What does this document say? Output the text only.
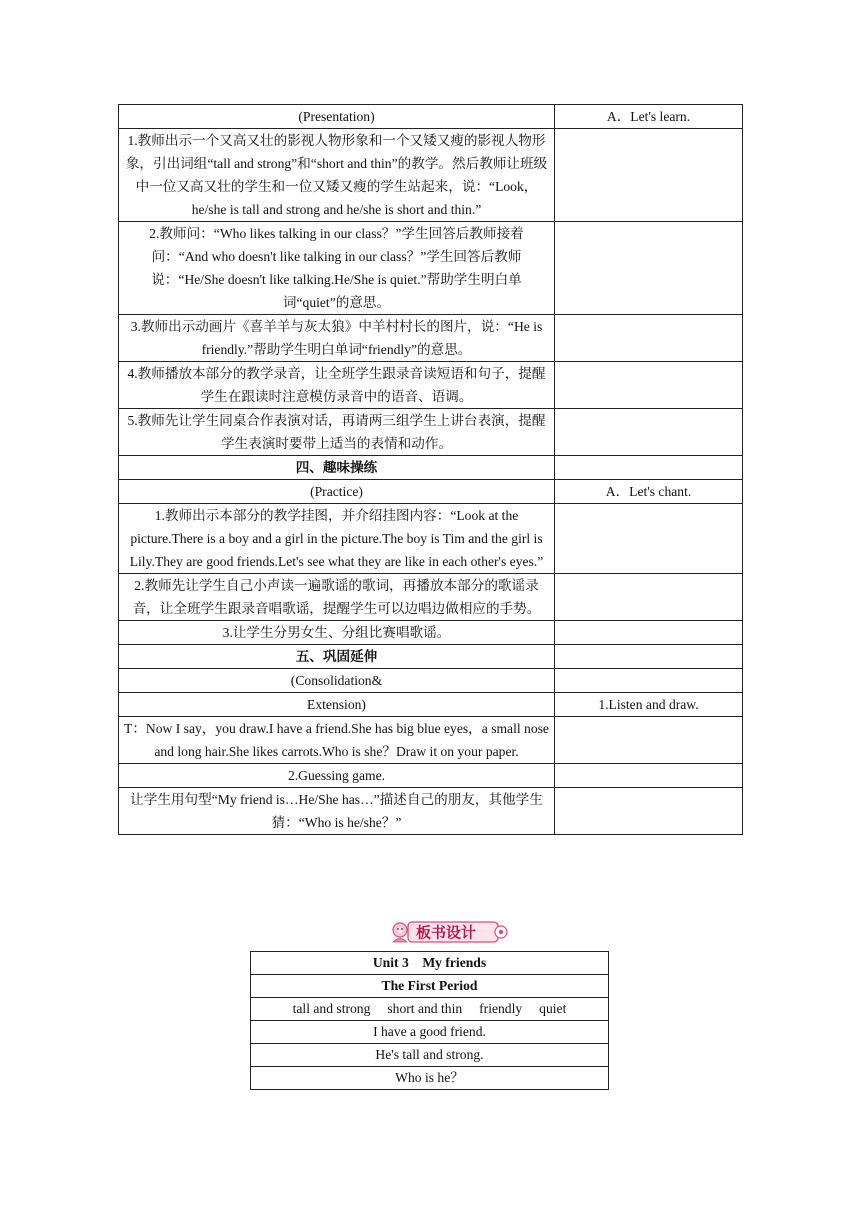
(Presentation)	A．Let's learn.
1.教师出示一个又高又壮的影视人物形象和一个又矮又瘦的影视人物形象，引出词组“tall and strong”和“short and thin”的教学。然后教师让班级中一位又高又壮的学生和一位又矮又瘦的学生站起来，说：“Look，he/she is tall and strong and he/she is short and thin.”	
2.教师问：“Who likes talking in our class？”学生回答后教师接着问：“And who doesn't like talking in our class？”学生回答后教师说：“He/She doesn't like talking.He/She is quiet.”帮助学生明白单词“quiet”的意思。	
3.教师出示动画片《喜羊羊与灰太狼》中羊村村长的图片，说：“He is friendly.”帮助学生明白单词“friendly”的意思。	
4.教师播放本部分的教学录音，让全班学生跟录音读短语和句子，提醒学生在跟读时注意模仿录音中的语音、语调。	
5.教师先让学生同桌合作表演对话，再请两三组学生上讲台表演，提醒学生表演时要带上适当的表情和动作。	
四、趣味操练	
(Practice)	A．Let's chant.
1.教师出示本部分的教学挂图，并介绍挂图内容：“Look at the picture.There is a boy and a girl in the picture.The boy is Tim and the girl is Lily.They are good friends.Let's see what they are like in each other's eyes.”	
2.教师先让学生自己小声读一遍歌谣的歌词，再播放本部分的歌谣录音，让全班学生跟录音唱歌谣，提醒学生可以边唱边做相应的手势。	
3.让学生分男女生、分组比赛唱歌谣。	
五、巩固延伸	
(Consolidation&	
Extension)	1.Listen and draw.
T：Now I say，you draw.I have a friend.She has big blue eyes，a small nose and long hair.She likes carrots.Who is she？Draw it on your paper.	
2.Guessing game.	
让学生用句型“My friend is…He/She has…”描述自己的朋友，其他学生猜：“Who is he/she？”	
板书设计
Unit 3　My friends
The First Period
tall and strong　 short and thin　 friendly　 quiet
I have a good friend.
He's tall and strong.
Who is he？
